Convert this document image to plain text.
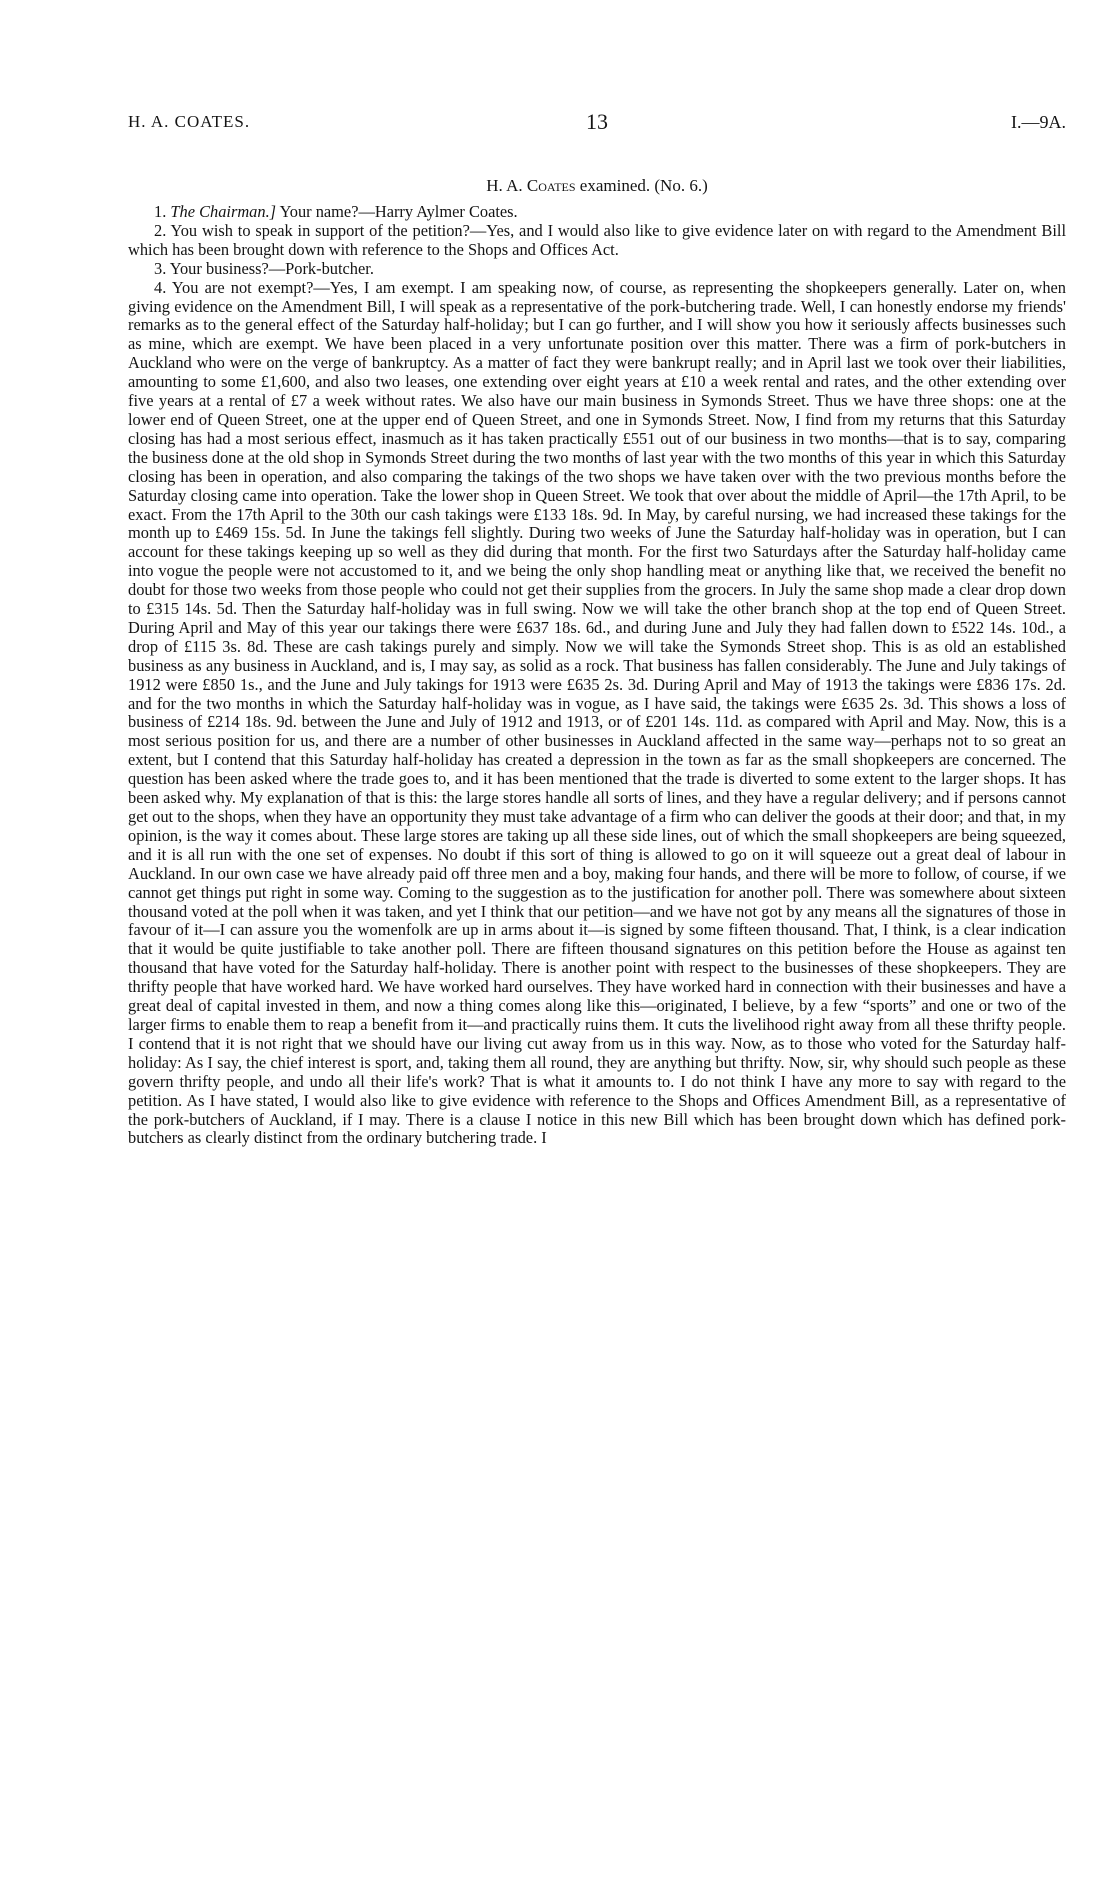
H. A. COATES.	13	I.—9A.
H. A. Coates examined. (No. 6.)

1. The Chairman.] Your name?—Harry Aylmer Coates.

2. You wish to speak in support of the petition?—Yes, and I would also like to give evidence later on with regard to the Amendment Bill which has been brought down with reference to the Shops and Offices Act.

3. Your business?—Pork-butcher.

4. You are not exempt?—Yes, I am exempt. I am speaking now, of course, as representing the shopkeepers generally. Later on, when giving evidence on the Amendment Bill, I will speak as a representative of the pork-butchering trade. Well, I can honestly endorse my friends' remarks as to the general effect of the Saturday half-holiday; but I can go further, and I will show you how it seriously affects businesses such as mine, which are exempt. We have been placed in a very unfortunate position over this matter. There was a firm of pork-butchers in Auckland who were on the verge of bankruptcy. As a matter of fact they were bankrupt really; and in April last we took over their liabilities, amounting to some £1,600, and also two leases, one extending over eight years at £10 a week rental and rates, and the other extending over five years at a rental of £7 a week without rates. We also have our main business in Symonds Street. Thus we have three shops: one at the lower end of Queen Street, one at the upper end of Queen Street, and one in Symonds Street. Now, I find from my returns that this Saturday closing has had a most serious effect, inasmuch as it has taken practically £551 out of our business in two months—that is to say, comparing the business done at the old shop in Symonds Street during the two months of last year with the two months of this year in which this Saturday closing has been in operation, and also comparing the takings of the two shops we have taken over with the two previous months before the Saturday closing came into operation. Take the lower shop in Queen Street. We took that over about the middle of April—the 17th April, to be exact. From the 17th April to the 30th our cash takings were £133 18s. 9d. In May, by careful nursing, we had increased these takings for the month up to £469 15s. 5d. In June the takings fell slightly. During two weeks of June the Saturday half-holiday was in operation, but I can account for these takings keeping up so well as they did during that month. For the first two Saturdays after the Saturday half-holiday came into vogue the people were not accustomed to it, and we being the only shop handling meat or anything like that, we received the benefit no doubt for those two weeks from those people who could not get their supplies from the grocers. In July the same shop made a clear drop down to £315 14s. 5d. Then the Saturday half-holiday was in full swing. Now we will take the other branch shop at the top end of Queen Street. During April and May of this year our takings there were £637 18s. 6d., and during June and July they had fallen down to £522 14s. 10d., a drop of £115 3s. 8d. These are cash takings purely and simply. Now we will take the Symonds Street shop. This is as old an established business as any business in Auckland, and is, I may say, as solid as a rock. That business has fallen considerably. The June and July takings of 1912 were £850 1s., and the June and July takings for 1913 were £635 2s. 3d. During April and May of 1913 the takings were £836 17s. 2d. and for the two months in which the Saturday half-holiday was in vogue, as I have said, the takings were £635 2s. 3d. This shows a loss of business of £214 18s. 9d. between the June and July of 1912 and 1913, or of £201 14s. 11d. as compared with April and May. Now, this is a most serious position for us, and there are a number of other businesses in Auckland affected in the same way—perhaps not to so great an extent, but I contend that this Saturday half-holiday has created a depression in the town as far as the small shopkeepers are concerned. The question has been asked where the trade goes to, and it has been mentioned that the trade is diverted to some extent to the larger shops. It has been asked why. My explanation of that is this: the large stores handle all sorts of lines, and they have a regular delivery; and if persons cannot get out to the shops, when they have an opportunity they must take advantage of a firm who can deliver the goods at their door; and that, in my opinion, is the way it comes about. These large stores are taking up all these side lines, out of which the small shopkeepers are being squeezed, and it is all run with the one set of expenses. No doubt if this sort of thing is allowed to go on it will squeeze out a great deal of labour in Auckland. In our own case we have already paid off three men and a boy, making four hands, and there will be more to follow, of course, if we cannot get things put right in some way. Coming to the suggestion as to the justification for another poll. There was somewhere about sixteen thousand voted at the poll when it was taken, and yet I think that our petition—and we have not got by any means all the signatures of those in favour of it—I can assure you the womenfolk are up in arms about it—is signed by some fifteen thousand. That, I think, is a clear indication that it would be quite justifiable to take another poll. There are fifteen thousand signatures on this petition before the House as against ten thousand that have voted for the Saturday half-holiday. There is another point with respect to the businesses of these shopkeepers. They are thrifty people that have worked hard. We have worked hard ourselves. They have worked hard in connection with their businesses and have a great deal of capital invested in them, and now a thing comes along like this—originated, I believe, by a few “sports” and one or two of the larger firms to enable them to reap a benefit from it—and practically ruins them. It cuts the livelihood right away from all these thrifty people. I contend that it is not right that we should have our living cut away from us in this way. Now, as to those who voted for the Saturday half-holiday: As I say, the chief interest is sport, and, taking them all round, they are anything but thrifty. Now, sir, why should such people as these govern thrifty people, and undo all their life's work? That is what it amounts to. I do not think I have any more to say with regard to the petition. As I have stated, I would also like to give evidence with reference to the Shops and Offices Amendment Bill, as a representative of the pork-butchers of Auckland, if I may. There is a clause I notice in this new Bill which has been brought down which has defined pork-butchers as clearly distinct from the ordinary butchering trade. I
